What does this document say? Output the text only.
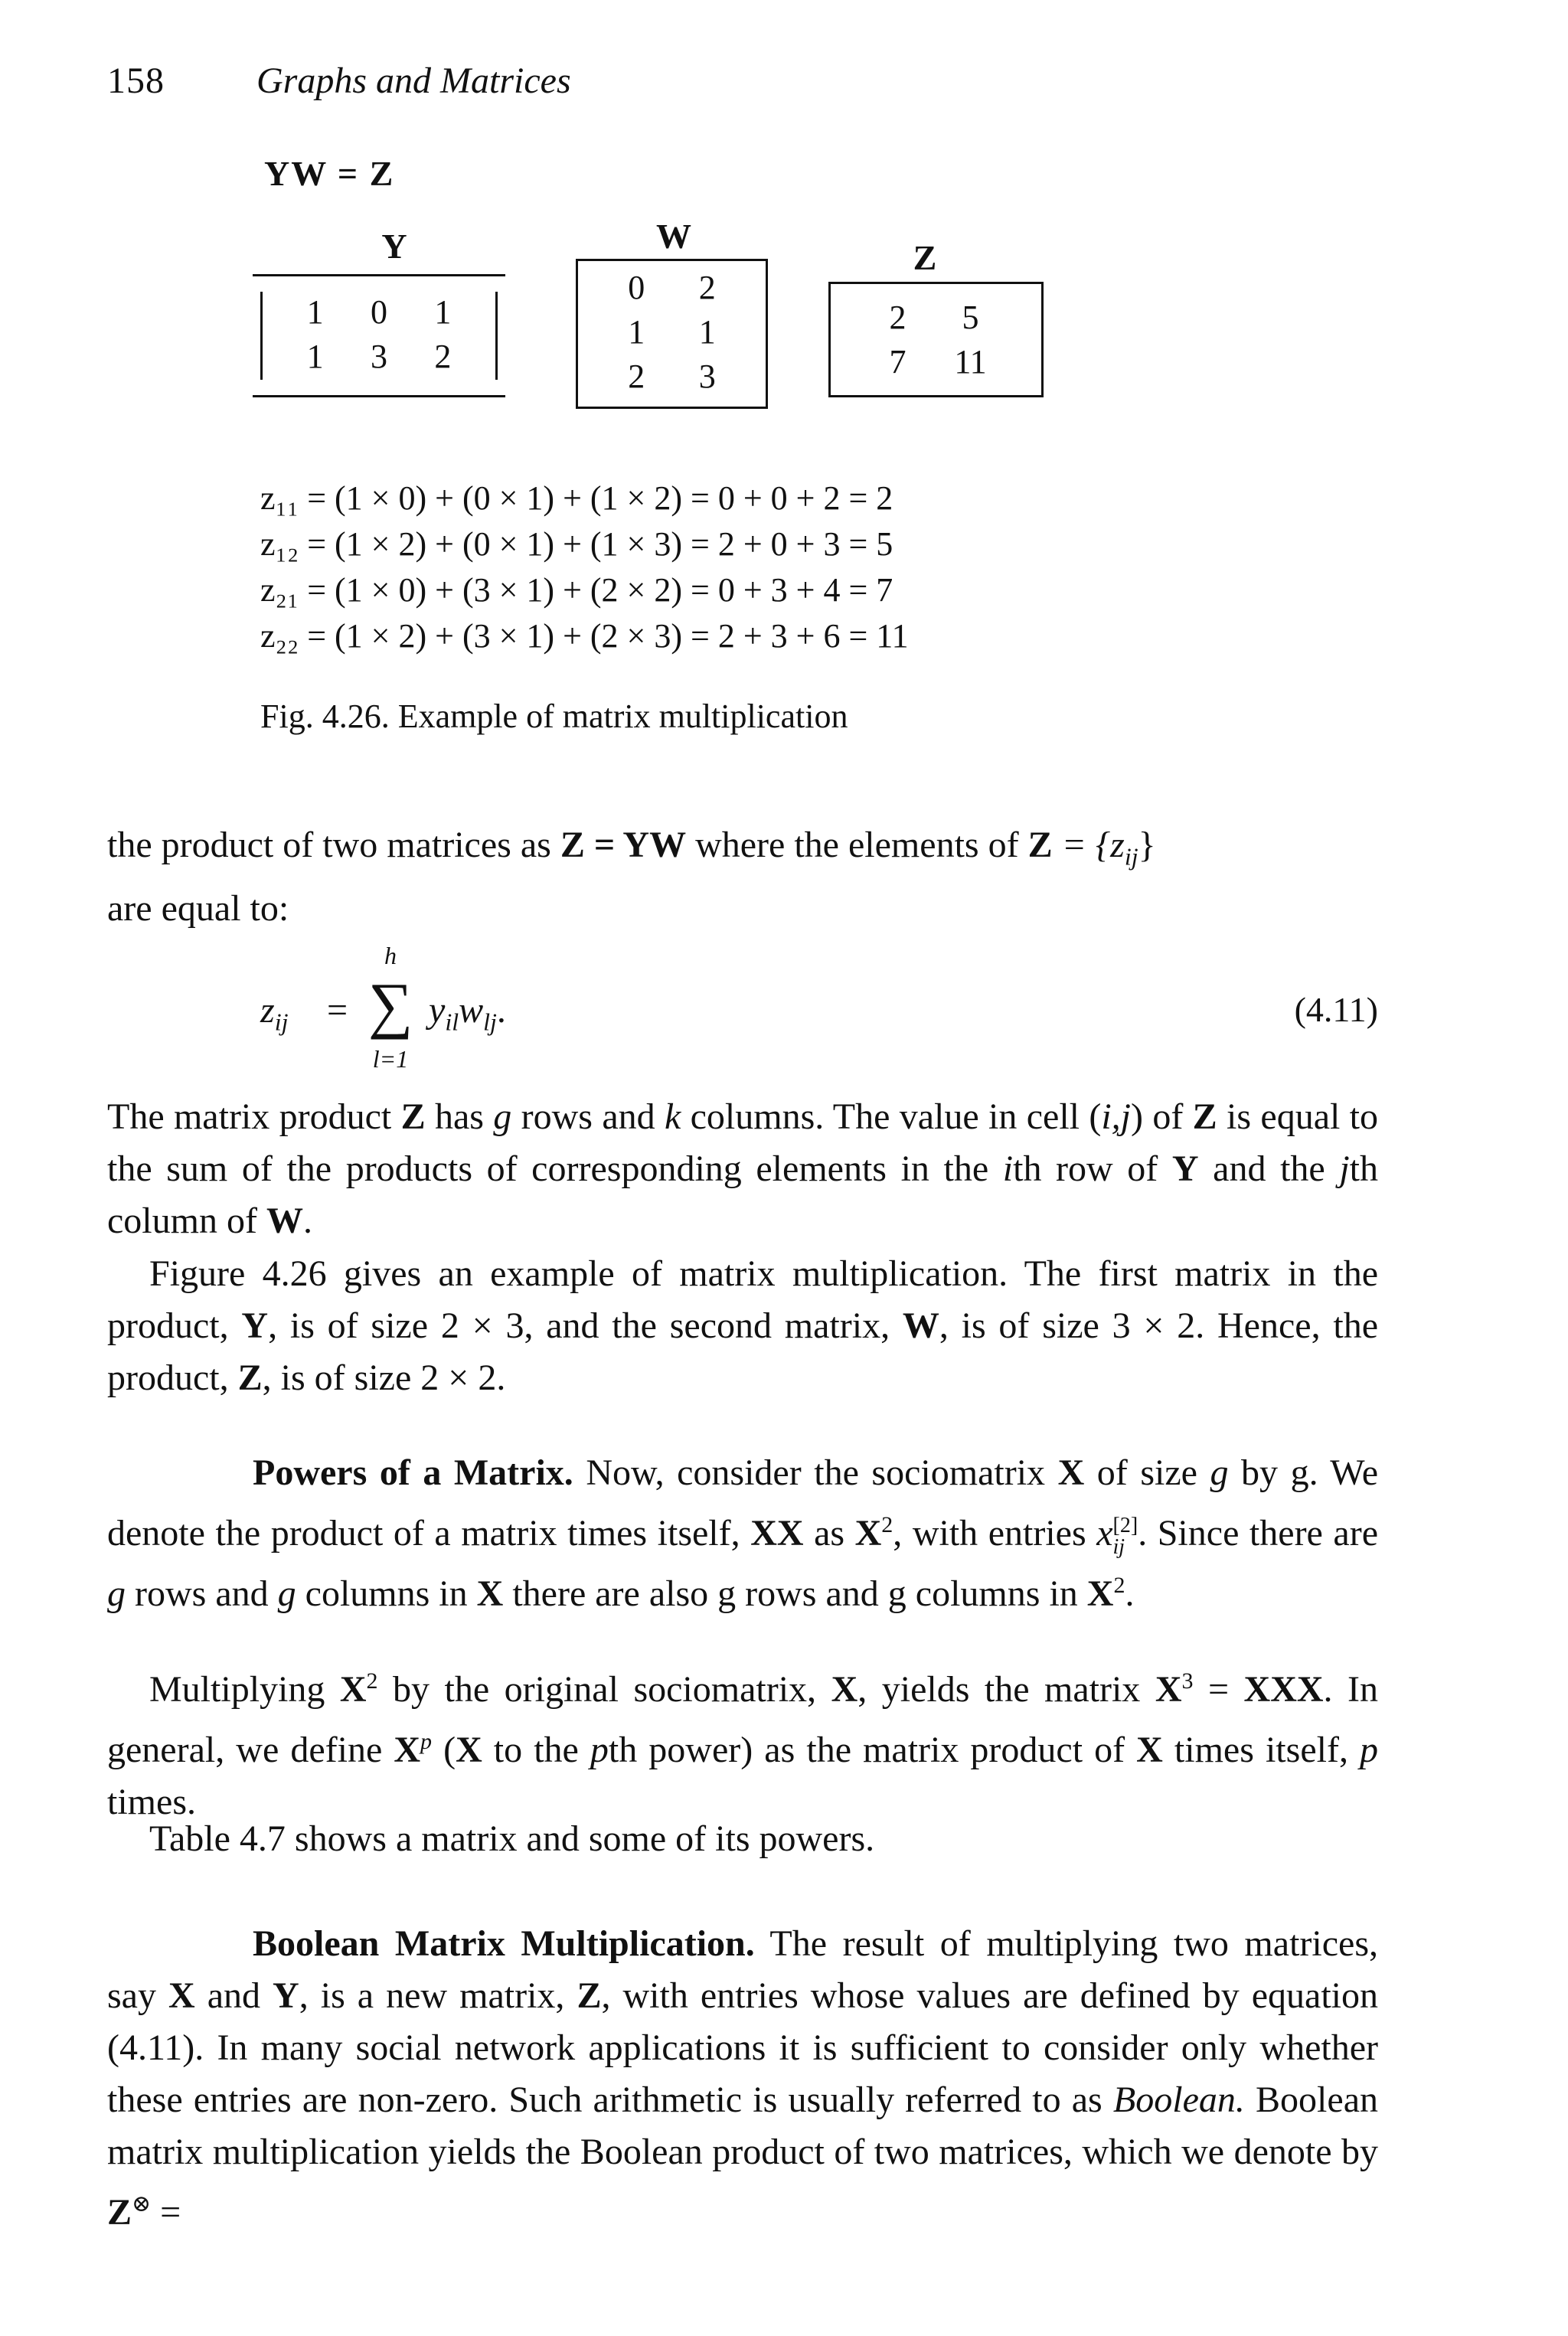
158	Graphs and Matrices
YW = Z
Y
1	0	1
1	3	2
W
0	2
1	1
2	3
Z
2	5
7	11
z₁₁ = (1 × 0) + (0 × 1) + (1 × 2) = 0 + 0 + 2 = 2
z₁₂ = (1 × 2) + (0 × 1) + (1 × 3) = 2 + 0 + 3 = 5
z₂₁ = (1 × 0) + (3 × 1) + (2 × 2) = 0 + 3 + 4 = 7
z₂₂ = (1 × 2) + (3 × 1) + (2 × 3) = 2 + 3 + 6 = 11
Fig. 4.26. Example of matrix multiplication

the product of two matrices as Z = YW where the elements of $Z = \{z_{ij}\}$

are equal to:

$z_{ij}$ =
h
∑
l=1
$y_{il}w_{lj}$.	(4.11)

The matrix product Z has g rows and k columns. The value in cell (i,j) of Z is equal to the sum of the products of corresponding elements in the ith row of Y and the jth column of W.

Figure 4.26 gives an example of matrix multiplication. The first matrix in the product, Y, is of size 2 × 3, and the second matrix, W, is of size 3 × 2. Hence, the product, Z, is of size 2 × 2.

Powers of a Matrix. Now, consider the sociomatrix X of size g by g. We denote the product of a matrix times itself, XX as $X^2$, with entries x [2]
ij . Since there are g rows and g columns in X there are also g rows and g columns in $X^2$.

Multiplying $X^2$ by the original sociomatrix, X, yields the matrix $X^3$ = XXX. In general, we define $X^p$ (X to the pth power) as the matrix product of X times itself, p times.

Table 4.7 shows a matrix and some of its powers.

Boolean Matrix Multiplication. The result of multiplying two matrices, say X and Y, is a new matrix, Z, with entries whose values are defined by equation (4.11). In many social network applications it is sufficient to consider only whether these entries are non-zero. Such arithmetic is usually referred to as Boolean. Boolean matrix multiplication yields the Boolean product of two matrices, which we denote by Z⊗ =
